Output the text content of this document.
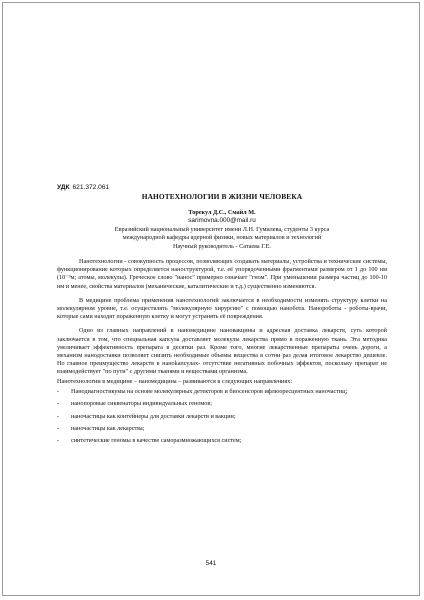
УДК 621.372.061
НАНОТЕХНОЛОГИИ В ЖИЗНИ ЧЕЛОВЕКА
Торекул Д.С., Смайл М.
sarimovna.000@mail.ru
Евразийский национальный университет имени Л.Н. Гумилева, студенты 3 курса
международной кафедры ядерной физики, новых материалов и технологий
Научный руководитель - Сатаева Г.Е.

Нанотехнологии - совокупность процессов, позволяющих создавать материалы, устройства и технические системы, функционирование которых определяется наноструктурой, т.е. её упорядоченными фрагментами размером от 1 до 100 нм (10⁻⁹м; атомы, молекулы). Греческое слово "нанос" примерно означает "гном". При уменьшении размера частиц до 100-10 нм и менее, свойства материалов (механические, каталитические и т.д.) существенно изменяются.

В медицине проблема применения нанотехнологий заключается в необходимости изменять структуру клетки на молекулярном уровне, т.е. осуществлять "молекулярную хирургию" с помощью нанобота. Нанороботы - роботы-врачи, которые сами находят пораженную клетку и могут устранять её повреждения.

Одно из главных направлений в наномедицине нановакцины и адресная доставка лекарств, суть которой заключается в том, что специальная капсула доставляет молекулы лекарства прямо в пораженную ткань. Эта методика увеличивает эффективность препарата в десятки раз. Кроме того, многие лекарственные препараты очень дороги, а механизм нанодоставки позволяет снизить необходимые объемы вещества в сотни раз делая итоговое лекарство дешевле. Но главное преимущество лекарств в наноkапсулах- отсутствие негативных побочных эффектов, поскольку препарат не взаимодействует "по пути" с другими тканями и веществами организма.

Нанотехнологии в медицине – наномедицина – развиваются в следующих направлениях:

- Нанодиагностикумы на основе молекулярных детекторов и биосенсоров ифлюоресцентных наночастиц;
- нанопоровые сиквенаторы индивидуальных геномов;
- наночастицы как контейнеры для доставки лекарств и вакцин;
- наночастицы как лекарства;
- синтетические геномы в качестве саморазмножающихся систем;
541
